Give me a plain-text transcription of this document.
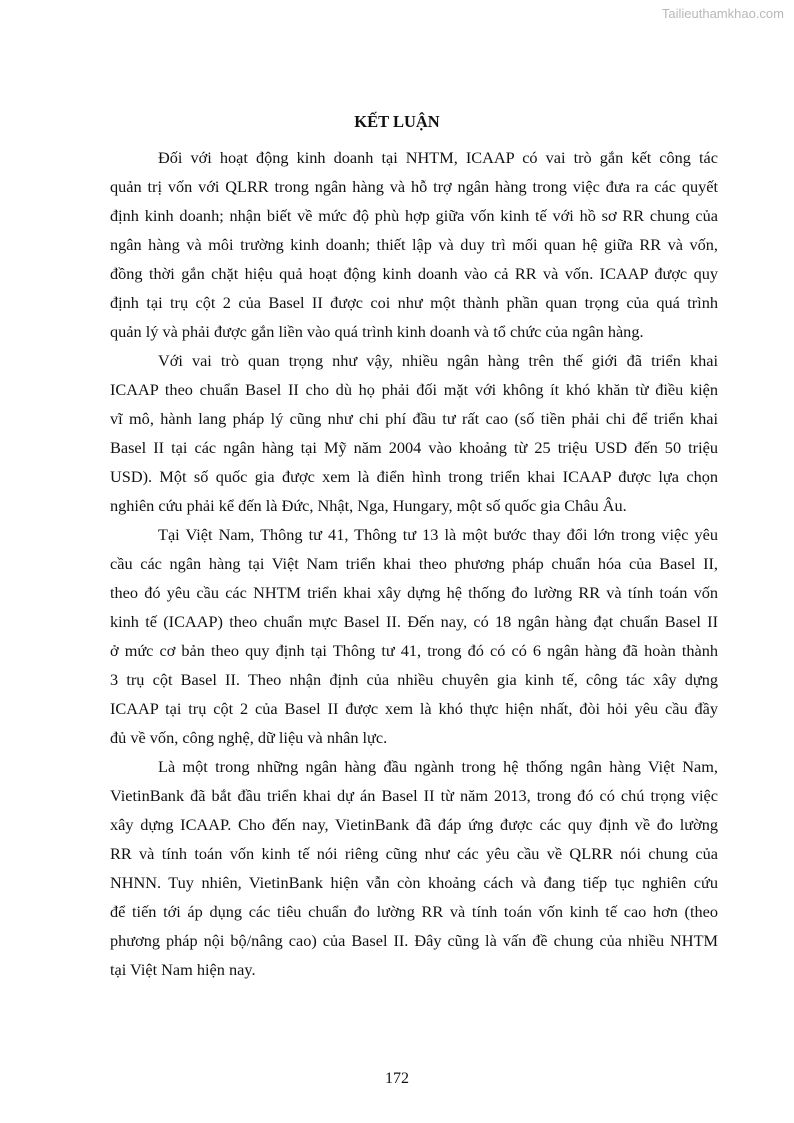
Tailieuthamkhao.com
KẾT LUẬN
Đối với hoạt động kinh doanh tại NHTM, ICAAP có vai trò gắn kết công tác
quản trị vốn với QLRR trong ngân hàng và hỗ trợ ngân hàng trong việc đưa ra các quyết
định kinh doanh; nhận biết về mức độ phù hợp giữa vốn kinh tế với hồ sơ RR chung của
ngân hàng và môi trường kinh doanh; thiết lập và duy trì mối quan hệ giữa RR và vốn,
đồng thời gắn chặt hiệu quả hoạt động kinh doanh vào cả RR và vốn. ICAAP được quy
định tại trụ cột 2 của Basel II được coi như một thành phần quan trọng của quá trình
quản lý và phải được gắn liền vào quá trình kinh doanh và tổ chức của ngân hàng.
Với vai trò quan trọng như vậy, nhiều ngân hàng trên thế giới đã triển khai
ICAAP theo chuẩn Basel II cho dù họ phải đối mặt với không ít khó khăn từ điều kiện
vĩ mô, hành lang pháp lý cũng như chi phí đầu tư rất cao (số tiền phải chi để triển khai
Basel II tại các ngân hàng tại Mỹ năm 2004 vào khoảng từ 25 triệu USD đến 50 triệu
USD). Một số quốc gia được xem là điển hình trong triển khai ICAAP được lựa chọn
nghiên cứu phải kể đến là Đức, Nhật, Nga, Hungary, một số quốc gia Châu Âu.
Tại Việt Nam, Thông tư 41, Thông tư 13 là một bước thay đổi lớn trong việc yêu
cầu các ngân hàng tại Việt Nam triển khai theo phương pháp chuẩn hóa của Basel II,
theo đó yêu cầu các NHTM triển khai xây dựng hệ thống đo lường RR và tính toán vốn
kinh tế (ICAAP) theo chuẩn mực Basel II. Đến nay, có 18 ngân hàng đạt chuẩn Basel II
ở mức cơ bản theo quy định tại Thông tư 41, trong đó có có 6 ngân hàng đã hoàn thành
3 trụ cột Basel II. Theo nhận định của nhiều chuyên gia kinh tế, công tác xây dựng
ICAAP tại trụ cột 2 của Basel II được xem là khó thực hiện nhất, đòi hỏi yêu cầu đầy
đủ về vốn, công nghệ, dữ liệu và nhân lực.
Là một trong những ngân hàng đầu ngành trong hệ thống ngân hàng Việt Nam,
VietinBank đã bắt đầu triển khai dự án Basel II từ năm 2013, trong đó có chú trọng việc
xây dựng ICAAP. Cho đến nay, VietinBank đã đáp ứng được các quy định về đo lường
RR và tính toán vốn kinh tế nói riêng cũng như các yêu cầu về QLRR nói chung của
NHNN. Tuy nhiên, VietinBank hiện vẫn còn khoảng cách và đang tiếp tục nghiên cứu
để tiến tới áp dụng các tiêu chuẩn đo lường RR và tính toán vốn kinh tế cao hơn (theo
phương pháp nội bộ/nâng cao) của Basel II. Đây cũng là vấn đề chung của nhiều NHTM
tại Việt Nam hiện nay.
172
